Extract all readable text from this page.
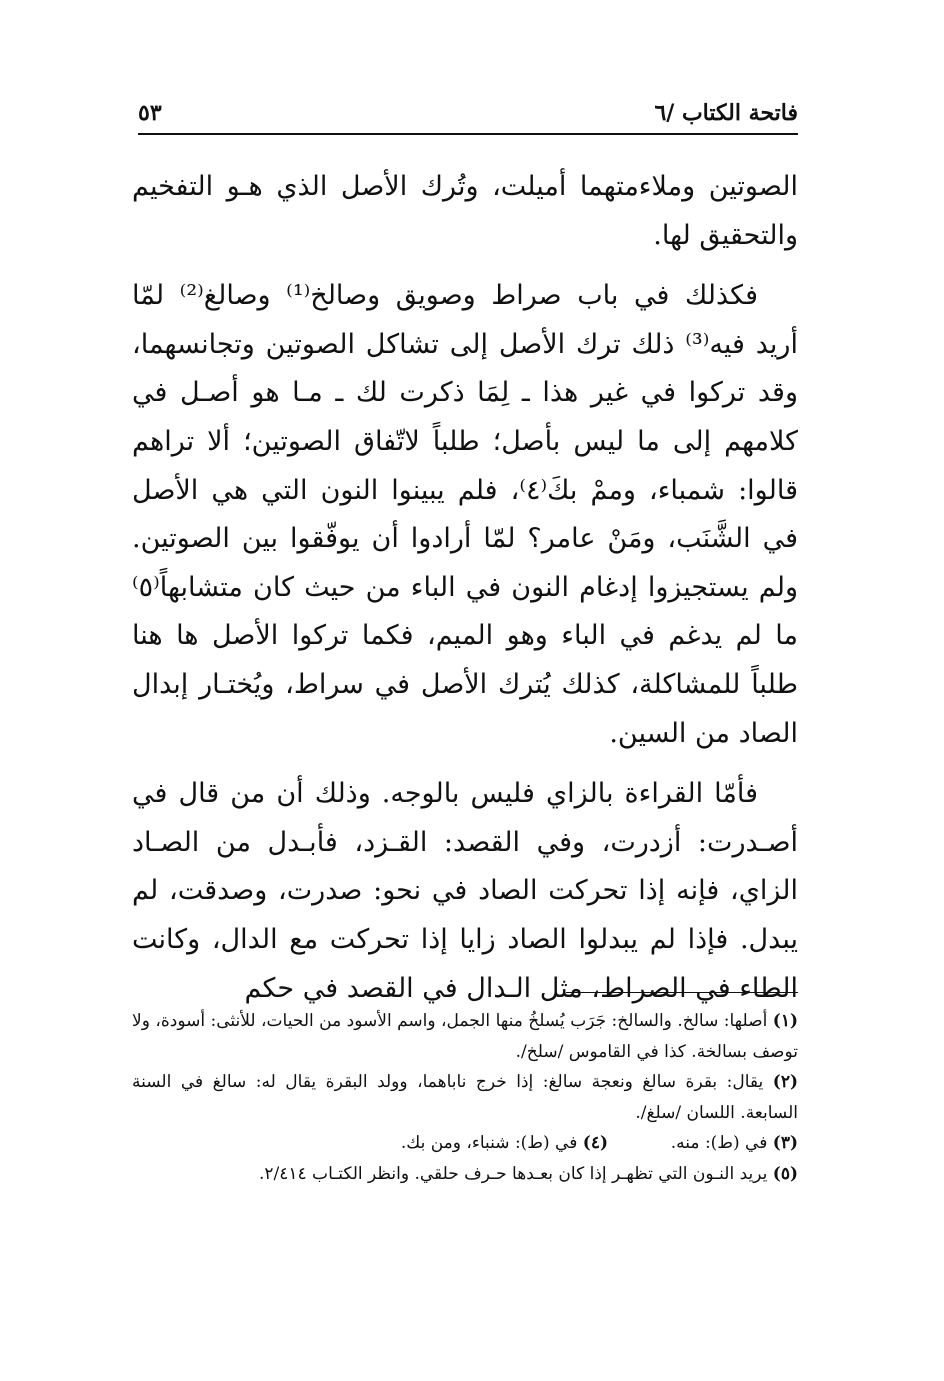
فاتحة الكتاب /٦
٥٣

الصوتين وملاءمتهما أميلت، وتُرك الأصل الذي هـو التفخيم والتحقيق لها.

فكذلك في باب صراط وصويق وصالخ⁽¹⁾ وصالغ⁽²⁾ لمّا أريد فيه⁽³⁾ ذلك ترك الأصل إلى تشاكل الصوتين وتجانسهما، وقد تركوا في غير هذا ـ لِمَا ذكرت لك ـ مـا هو أصـل في كلامهم إلى ما ليس بأصل؛ طلباً لاتّفاق الصوتين؛ ألا تراهم قالوا: شمباء، وممْ بكَ⁽٤⁾، فلم يبينوا النون التي هي الأصل في الشَّنَب، ومَنْ عامر؟ لمّا أرادوا أن يوفّقوا بين الصوتين. ولم يستجيزوا إدغام النون في الباء من حيث كان متشابهاً⁽٥⁾ ما لم يدغم في الباء وهو الميم، فكما تركوا الأصل ها هنا طلباً للمشاكلة، كذلك يُترك الأصل في سراط، ويُختـار إبدال الصاد من السين.

فأمّا القراءة بالزاي فليس بالوجه. وذلك أن من قال في أصـدرت: أزدرت، وفي القصد: القـزد، فأبـدل من الصـاد الزاي، فإنه إذا تحركت الصاد في نحو: صدرت، وصدقت، لم يبدل. فإذا لم يبدلوا الصاد زايا إذا تحركت مع الدال، وكانت الطاء في الصراط، مثل الـدال في القصد في حكم

(١) أصلها: سالخ. والسالخ: جَرَب يُسلخُ منها الجمل، واسم الأسود من الحيات، للأنثى: أسودة، ولا توصف بسالخة. كذا في القاموس /سلخ/.

(٢) يقال: بقرة سالغ ونعجة سالغ: إذا خرج ناباهما، وولد البقرة يقال له: سالغ في السنة السابعة. اللسان /سلغ/.

(٣) في (ط): منه.

(٤) في (ط): شنباء، ومن بك.

(٥) يريد النـون التي تظهـر إذا كان بعـدها حـرف حلقي. وانظر الكتـاب ٢/٤١٤.
